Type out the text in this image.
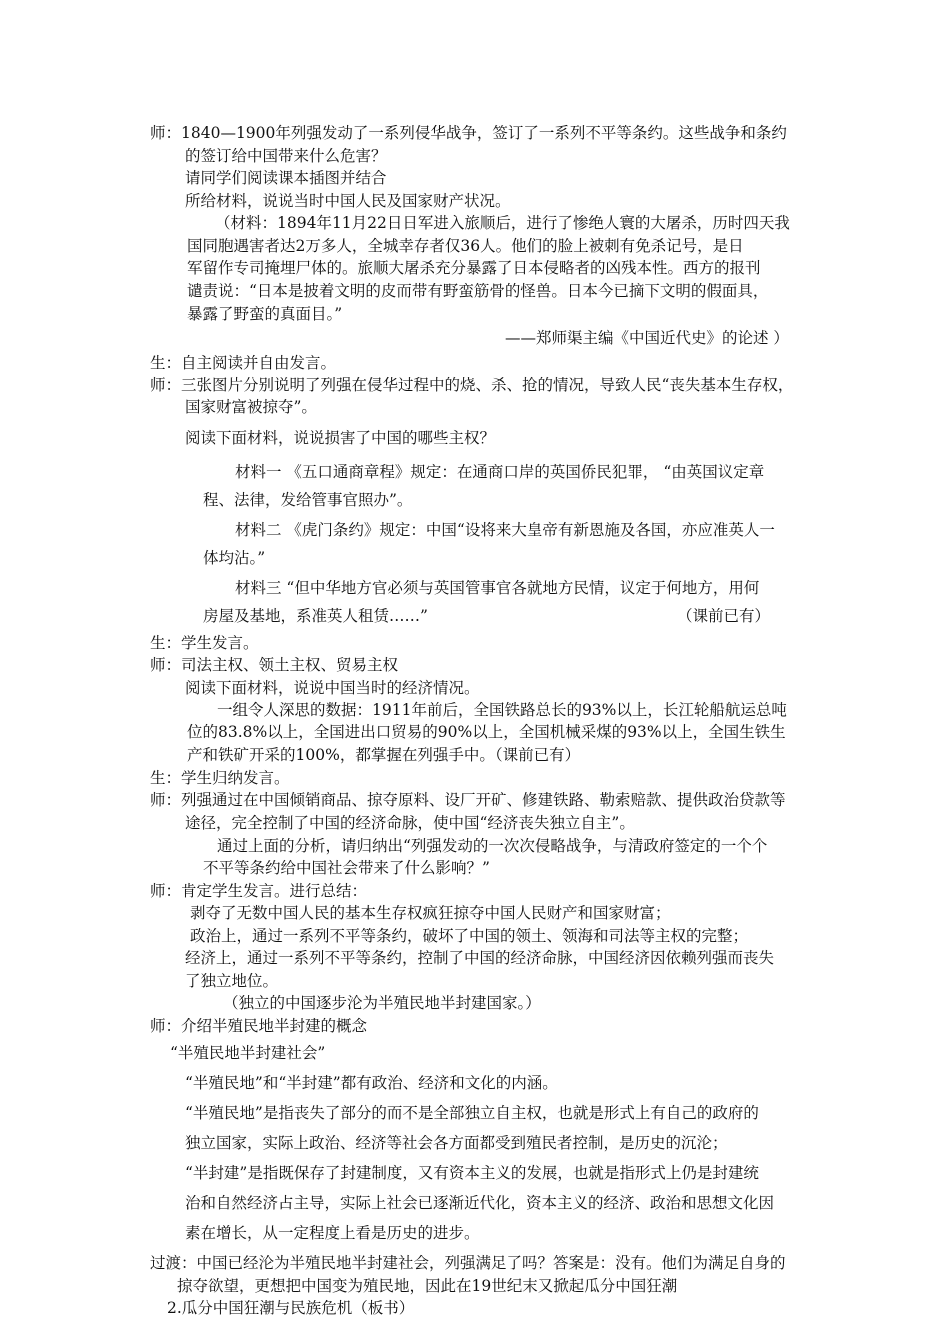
师：1840—1900年列强发动了一系列侵华战争，签订了一系列不平等条约。这些战争和条约
的签订给中国带来什么危害？
请同学们阅读课本插图并结合
所给材料，说说当时中国人民及国家财产状况。
（材料：1894年11月22日日军进入旅顺后，进行了惨绝人寰的大屠杀，历时四天我
国同胞遇害者达2万多人，全城幸存者仅36人。他们的脸上被刺有免杀记号，是日
军留作专司掩埋尸体的。旅顺大屠杀充分暴露了日本侵略者的凶残本性。西方的报刊
谴责说：“日本是披着文明的皮而带有野蛮筋骨的怪兽。日本今已摘下文明的假面具，
暴露了野蛮的真面目。”
——郑师渠主编《中国近代史》的论述 ）
生：自主阅读并自由发言。
师：三张图片分别说明了列强在侵华过程中的烧、杀、抢的情况，导致人民“丧失基本生存权，
国家财富被掠夺”。
阅读下面材料，说说损害了中国的哪些主权？
材料一 《五口通商章程》规定：在通商口岸的英国侨民犯罪， “由英国议定章
程、法律，发给管事官照办”。
材料二 《虎门条约》规定：中国“设将来大皇帝有新恩施及各国，亦应准英人一
体均沾。”
材料三 “但中华地方官必须与英国管事官各就地方民情，议定于何地方，用何
房屋及基地，系准英人租赁……”	（课前已有）
生：学生发言。
师：司法主权、领土主权、贸易主权
阅读下面材料，说说中国当时的经济情况。
一组令人深思的数据：1911年前后，全国铁路总长的93%以上，长江轮船航运总吨
位的83.8%以上，全国进出口贸易的90%以上，全国机械采煤的93%以上，全国生铁生
产和铁矿开采的100%，都掌握在列强手中。（课前已有）
生：学生归纳发言。
师：列强通过在中国倾销商品、掠夺原料、设厂开矿、修建铁路、勒索赔款、提供政治贷款等
途径，完全控制了中国的经济命脉，使中国“经济丧失独立自主”。
通过上面的分析，请归纳出“列强发动的一次次侵略战争，与清政府签定的一个个
不平等条约给中国社会带来了什么影响？”
师：肯定学生发言。进行总结：
剥夺了无数中国人民的基本生存权疯狂掠夺中国人民财产和国家财富；
政治上，通过一系列不平等条约，破坏了中国的领土、领海和司法等主权的完整；
经济上，通过一系列不平等条约，控制了中国的经济命脉，中国经济因依赖列强而丧失
了独立地位。
（独立的中国逐步沦为半殖民地半封建国家。）
师：介绍半殖民地半封建的概念
“半殖民地半封建社会”
“半殖民地”和“半封建”都有政治、经济和文化的内涵。
“半殖民地”是指丧失了部分的而不是全部独立自主权，也就是形式上有自己的政府的
独立国家，实际上政治、经济等社会各方面都受到殖民者控制，是历史的沉沦；
“半封建”是指既保存了封建制度，又有资本主义的发展，也就是指形式上仍是封建统
治和自然经济占主导，实际上社会已逐渐近代化，资本主义的经济、政治和思想文化因
素在增长，从一定程度上看是历史的进步。
过渡：中国已经沦为半殖民地半封建社会，列强满足了吗？答案是：没有。他们为满足自身的
掠夺欲望，更想把中国变为殖民地，因此在19世纪末又掀起瓜分中国狂潮
2.瓜分中国狂潮与民族危机（板书）
